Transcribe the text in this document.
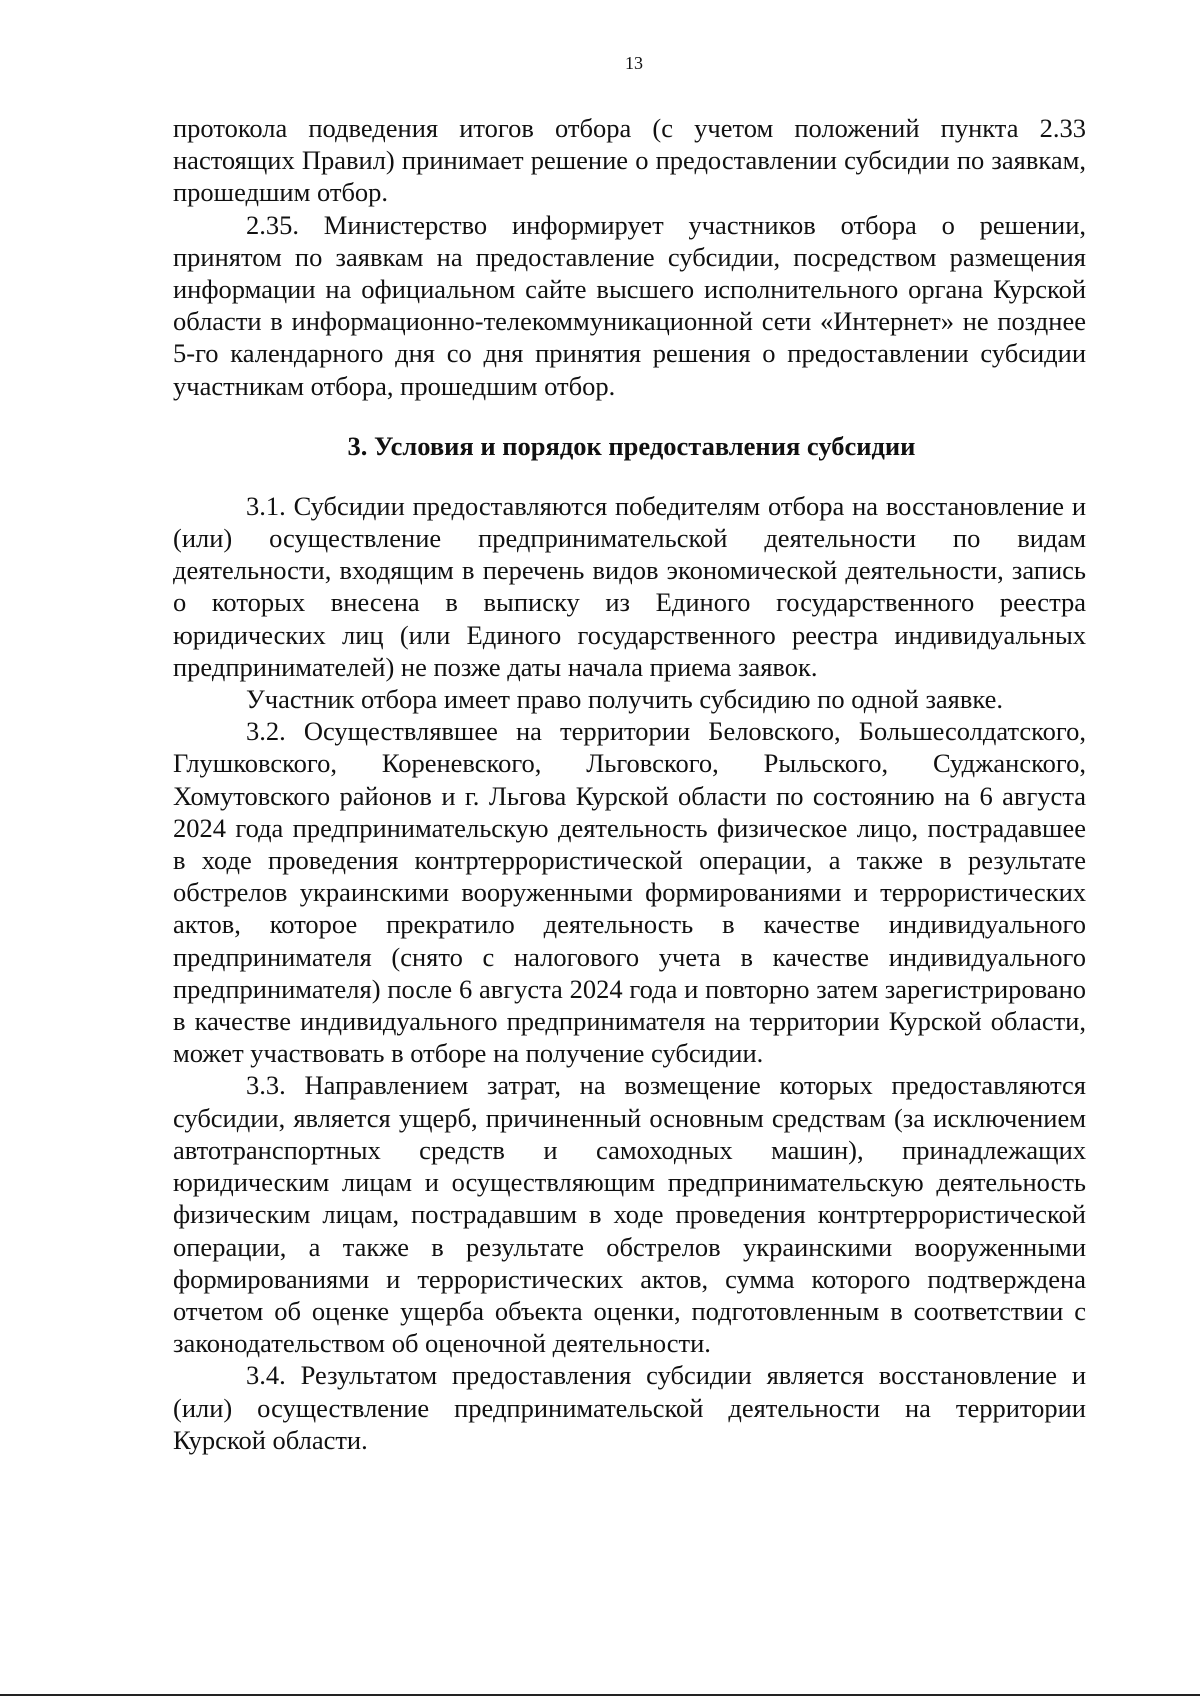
13

протокола подведения итогов отбора (с учетом положений пункта 2.33 настоящих Правил) принимает решение о предоставлении субсидии по заявкам, прошедшим отбор.

2.35. Министерство информирует участников отбора о решении, принятом по заявкам на предоставление субсидии, посредством размещения информации на официальном сайте высшего исполнительного органа Курской области в информационно-телекоммуникационной сети «Интернет» не позднее 5-го календарного дня со дня принятия решения о предоставлении субсидии участникам отбора, прошедшим отбор.

3. Условия и порядок предоставления субсидии

3.1. Субсидии предоставляются победителям отбора на восстановление и (или) осуществление предпринимательской деятельности по видам деятельности, входящим в перечень видов экономической деятельности, запись о которых внесена в выписку из Единого государственного реестра юридических лиц (или Единого государственного реестра индивидуальных предпринимателей) не позже даты начала приема заявок.

Участник отбора имеет право получить субсидию по одной заявке.

3.2. Осуществлявшее на территории Беловского, Большесолдатского, Глушковского, Кореневского, Льговского, Рыльского, Суджанского, Хомутовского районов и г. Льгова Курской области по состоянию на 6 августа 2024 года предпринимательскую деятельность физическое лицо, пострадавшее в ходе проведения контртеррористической операции, а также в результате обстрелов украинскими вооруженными формированиями и террористических актов, которое прекратило деятельность в качестве индивидуального предпринимателя (снято с налогового учета в качестве индивидуального предпринимателя) после 6 августа 2024 года и повторно затем зарегистрировано в качестве индивидуального предпринимателя на территории Курской области, может участвовать в отборе на получение субсидии.

3.3. Направлением затрат, на возмещение которых предоставляются субсидии, является ущерб, причиненный основным средствам (за исключением автотранспортных средств и самоходных машин), принадлежащих юридическим лицам и осуществляющим предпринимательскую деятельность физическим лицам, пострадавшим в ходе проведения контртеррористической операции, а также в результате обстрелов украинскими вооруженными формированиями и террористических актов, сумма которого подтверждена отчетом об оценке ущерба объекта оценки, подготовленным в соответствии с законодательством об оценочной деятельности.

3.4. Результатом предоставления субсидии является восстановление и (или) осуществление предпринимательской деятельности на территории Курской области.
